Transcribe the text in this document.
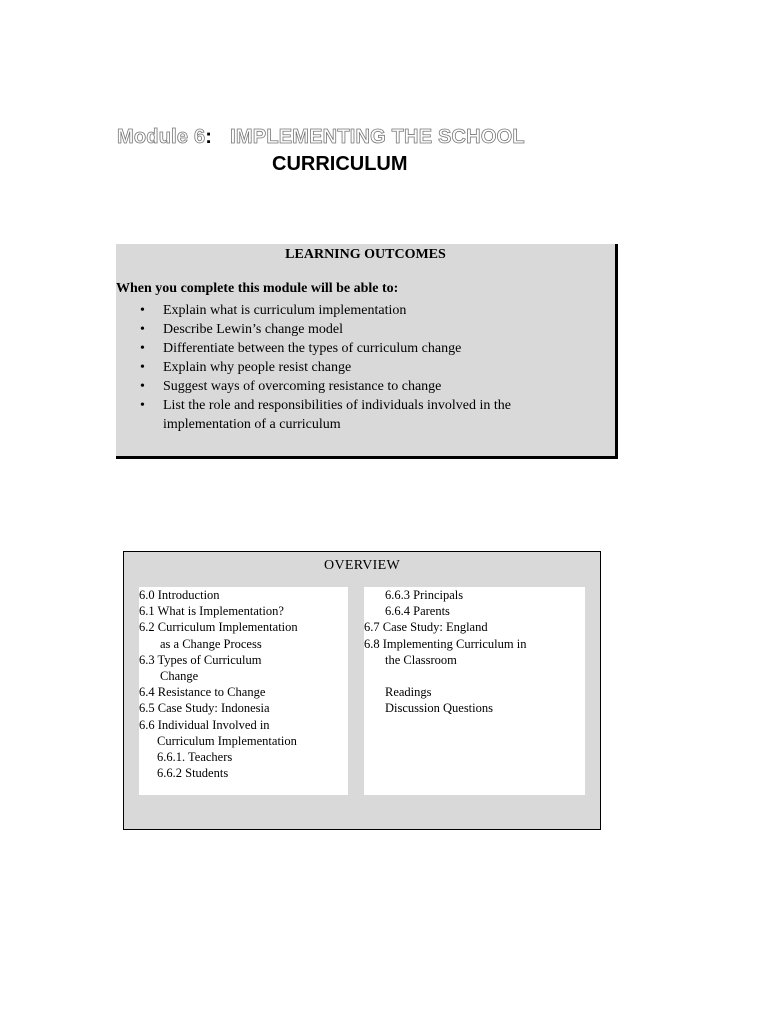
Module 6: IMPLEMENTING THE SCHOOL
CURRICULUM
LEARNING OUTCOMES
When you complete this module will be able to:
• Explain what is curriculum implementation
• Describe Lewin’s change model
• Differentiate between the types of curriculum change
• Explain why people resist change
• Suggest ways of overcoming resistance to change
• List the role and responsibilities of individuals involved in the implementation of a curriculum
OVERVIEW
6.0 Introduction
6.1 What is Implementation?
6.2 Curriculum Implementation
as a Change Process
6.3 Types of Curriculum
Change
6.4 Resistance to Change
6.5 Case Study: Indonesia
6.6 Individual Involved in
Curriculum Implementation
6.6.1. Teachers
6.6.2 Students
6.6.3 Principals
6.6.4 Parents
6.7 Case Study: England
6.8 Implementing Curriculum in
the Classroom
Readings
Discussion Questions
